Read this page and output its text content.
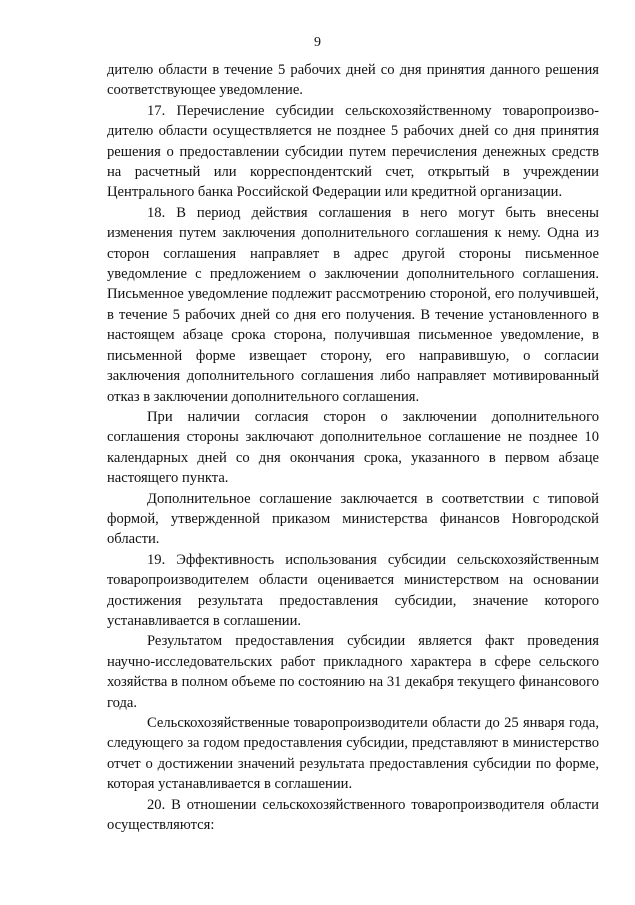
9

дителю области в течение 5 рабочих дней со дня принятия данного решения соответствующее уведомление.

17. Перечисление субсидии сельскохозяйственному товаропроизво-дителю области осуществляется не позднее 5 рабочих дней со дня принятия решения о предоставлении субсидии путем перечисления денежных средств на расчетный или корреспондентский счет, открытый в учреждении Центрального банка Российской Федерации или кредитной организации.

18. В период действия соглашения в него могут быть внесены изменения путем заключения дополнительного соглашения к нему. Одна из сторон соглашения направляет в адрес другой стороны письменное уведомление с предложением о заключении дополнительного соглашения. Письменное уведомление подлежит рассмотрению стороной, его получившей, в течение 5 рабочих дней со дня его получения. В течение установленного в настоящем абзаце срока сторона, получившая письменное уведомление, в письменной форме извещает сторону, его направившую, о согласии заключения дополнительного соглашения либо направляет мотивированный отказ в заключении дополнительного соглашения.

При наличии согласия сторон о заключении дополнительного соглашения стороны заключают дополнительное соглашение не позднее 10 календарных дней со дня окончания срока, указанного в первом абзаце настоящего пункта.

Дополнительное соглашение заключается в соответствии с типовой формой, утвержденной приказом министерства финансов Новгородской области.

19. Эффективность использования субсидии сельскохозяйственным товаропроизводителем области оценивается министерством на основании достижения результата предоставления субсидии, значение которого устанавливается в соглашении.

Результатом предоставления субсидии является факт проведения научно-исследовательских работ прикладного характера в сфере сельского хозяйства в полном объеме по состоянию на 31 декабря текущего финансового года.

Сельскохозяйственные товаропроизводители области до 25 января года, следующего за годом предоставления субсидии, представляют в министерство отчет о достижении значений результата предоставления субсидии по форме, которая устанавливается в соглашении.

20. В отношении сельскохозяйственного товаропроизводителя области осуществляются:
